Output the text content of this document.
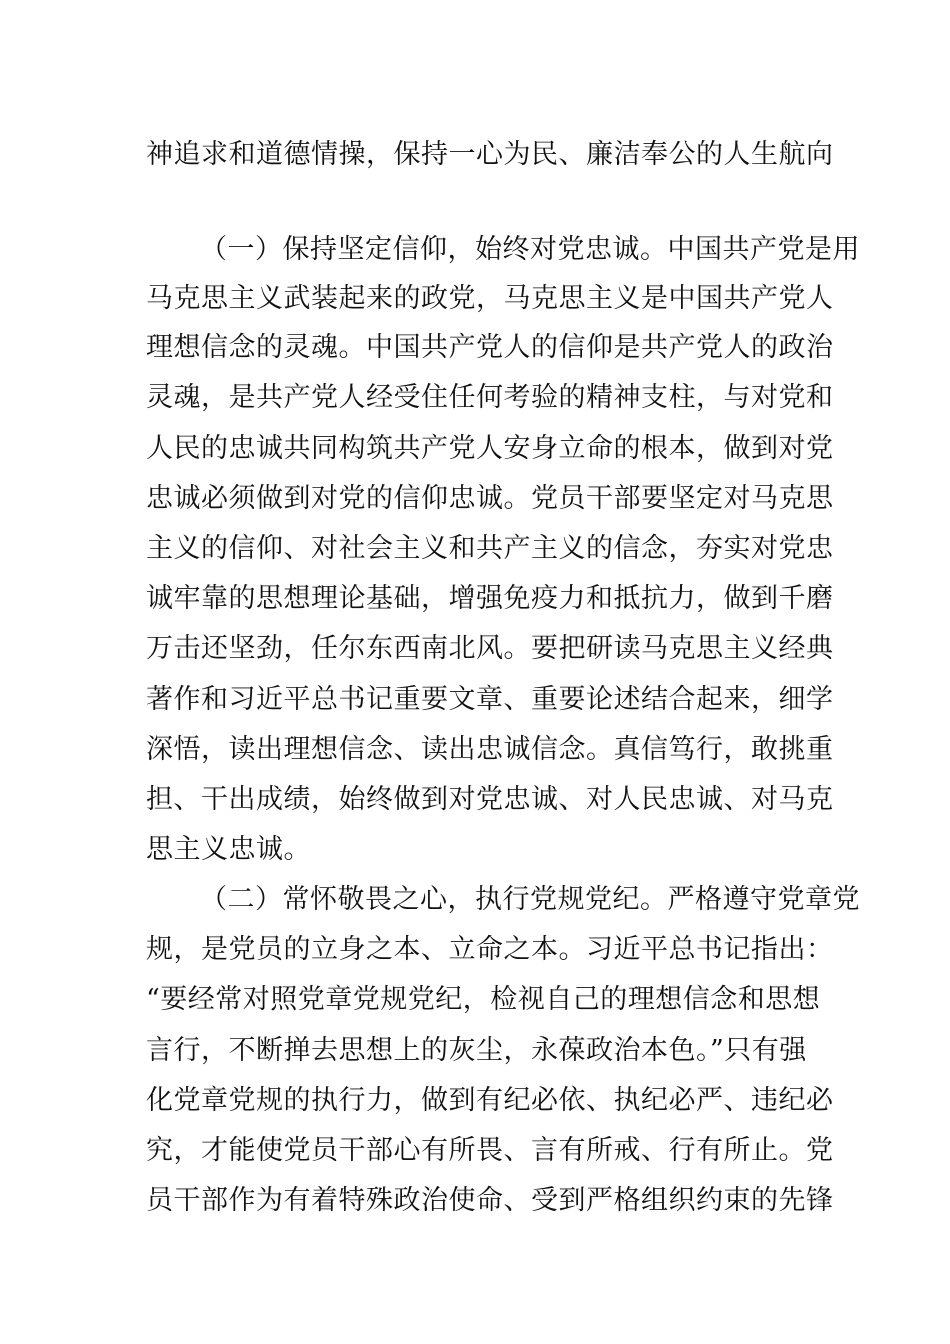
神追求和道德情操，保持一心为民、廉洁奉公的人生航向
（一）保持坚定信仰，始终对党忠诚。中国共产党是用
马克思主义武装起来的政党，马克思主义是中国共产党人
理想信念的灵魂。中国共产党人的信仰是共产党人的政治
灵魂，是共产党人经受住任何考验的精神支柱，与对党和
人民的忠诚共同构筑共产党人安身立命的根本，做到对党
忠诚必须做到对党的信仰忠诚。党员干部要坚定对马克思
主义的信仰、对社会主义和共产主义的信念，夯实对党忠
诚牢靠的思想理论基础，增强免疫力和抵抗力，做到千磨
万击还坚劲，任尔东西南北风。要把研读马克思主义经典
著作和习近平总书记重要文章、重要论述结合起来，细学
深悟，读出理想信念、读出忠诚信念。真信笃行，敢挑重
担、干出成绩，始终做到对党忠诚、对人民忠诚、对马克
思主义忠诚。
（二）常怀敬畏之心，执行党规党纪。严格遵守党章党
规，是党员的立身之本、立命之本。习近平总书记指出：
“要经常对照党章党规党纪，检视自己的理想信念和思想
言行，不断掸去思想上的灰尘，永葆政治本色。”只有强
化党章党规的执行力，做到有纪必依、执纪必严、违纪必
究，才能使党员干部心有所畏、言有所戒、行有所止。党
员干部作为有着特殊政治使命、受到严格组织约束的先锋
